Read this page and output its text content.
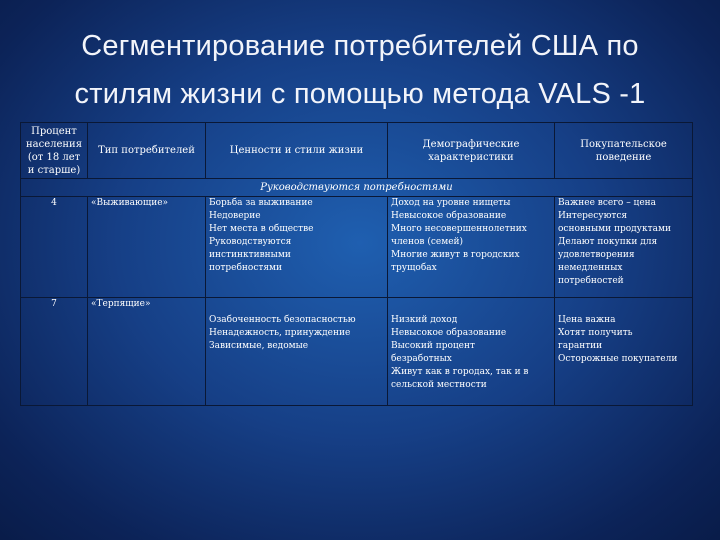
Сегментирование потребителей США по
стилям жизни с помощью метода VALS -1
Процент населения (от 18 лет и старше)	Тип потребителей	Ценности и стили жизни	Демографические характеристики	Покупательское поведение
Руководствуются потребностями				
4	«Выживающие»	Борьба за выживание
Недоверие
Нет места в обществе
Руководствуются инстинктивными потребностями	Доход на уровне нищеты
Невысокое образование
Много несовершеннолетних членов (семей)
Многие живут в городских трущобах	Важнее всего – цена
Интересуются основными продуктами
Делают покупки для удовлетворения немедленных потребностей

7	«Терпящие»	Озабоченность безопасностью
Ненадежность, принуждение
Зависимые, ведомые	Низкий доход
Невысокое образование
Высокий процент безработных
Живут как в городах, так и в сельской местности	Цена важна
Хотят получить гарантии
Осторожные покупатели
